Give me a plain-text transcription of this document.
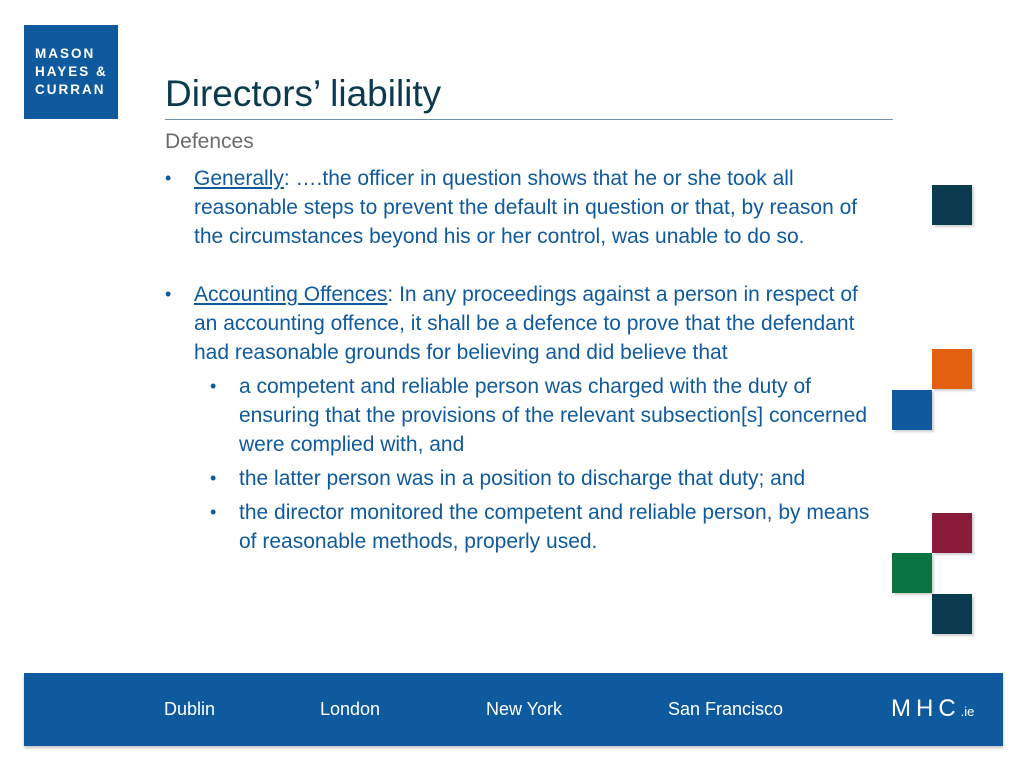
MASON
HAYES &
CURRAN	Directors’ liability
Defences
• Generally: ….the officer in question shows that he or she took all reasonable steps to prevent the default in question or that, by reason of the circumstances beyond his or her control, was unable to do so.
• Accounting Offences: In any proceedings against a person in respect of an accounting offence, it shall be a defence to prove that the defendant had reasonable grounds for believing and did believe that
• a competent and reliable person was charged with the duty of ensuring that the provisions of the relevant subsection[s] concerned were complied with, and
• the latter person was in a position to discharge that duty; and
• the director monitored the competent and reliable person, by means of reasonable methods, properly used.
Dublin	London	New York	San Francisco	MHC.ie
